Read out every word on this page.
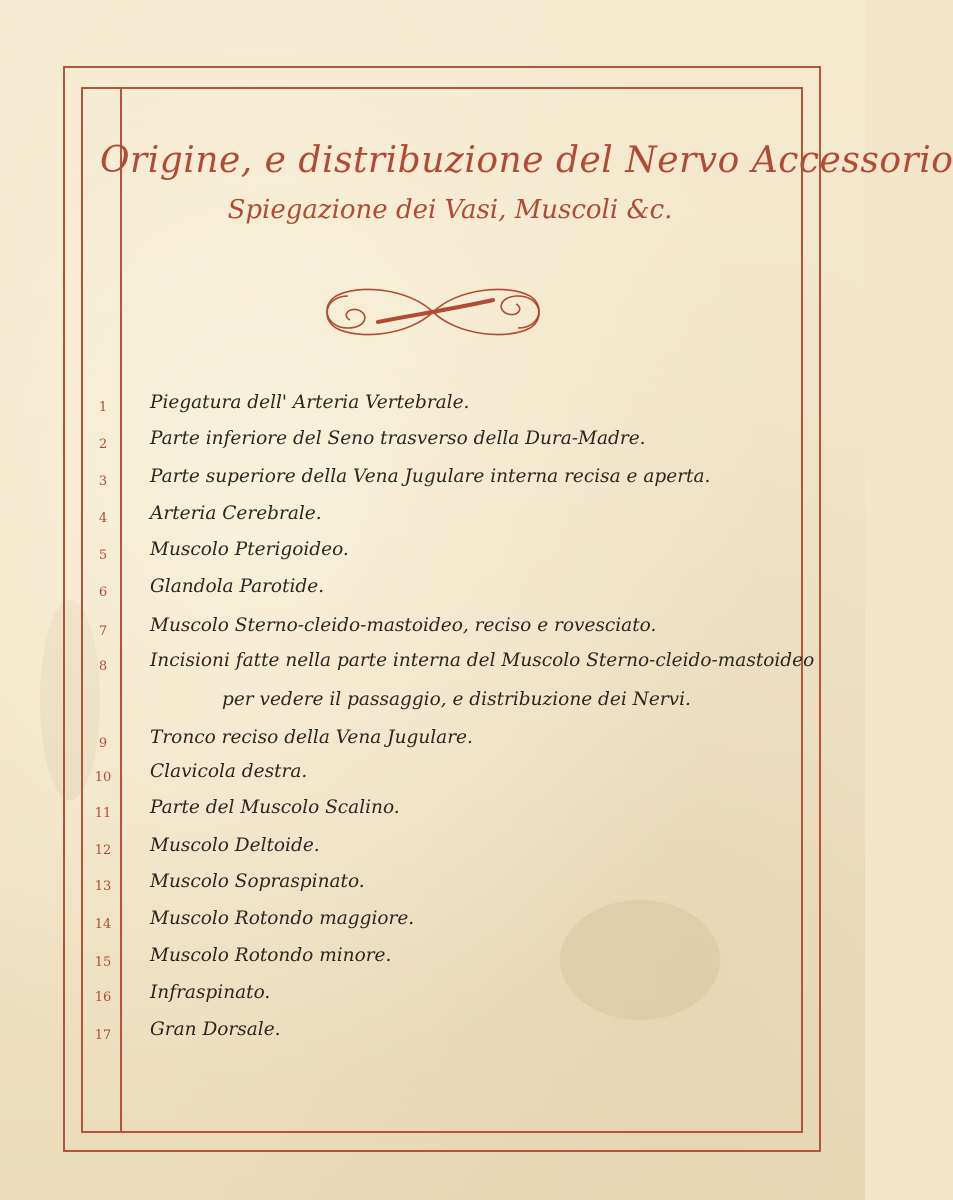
Origine, e distribuzione del Nervo Accessorio
Spiegazione dei Vasi, Muscoli &c.
1	Piegatura dell' Arteria Vertebrale.
2	Parte inferiore del Seno trasverso della Dura-Madre.
3	Parte superiore della Vena Jugulare interna recisa e aperta.
4	Arteria Cerebrale.
5	Muscolo Pterigoideo.
6	Glandola Parotide.
7	Muscolo Sterno-cleido-mastoideo, reciso e rovesciato.
8	Incisioni fatte nella parte interna del Muscolo Sterno-cleido-mastoideo
per vedere il passaggio, e distribuzione dei Nervi.
9	Tronco reciso della Vena Jugulare.
10	Clavicola destra.
11	Parte del Muscolo Scalino.
12	Muscolo Deltoide.
13	Muscolo Sopraspinato.
14	Muscolo Rotondo maggiore.
15	Muscolo Rotondo minore.
16	Infraspinato.
17	Gran Dorsale.
